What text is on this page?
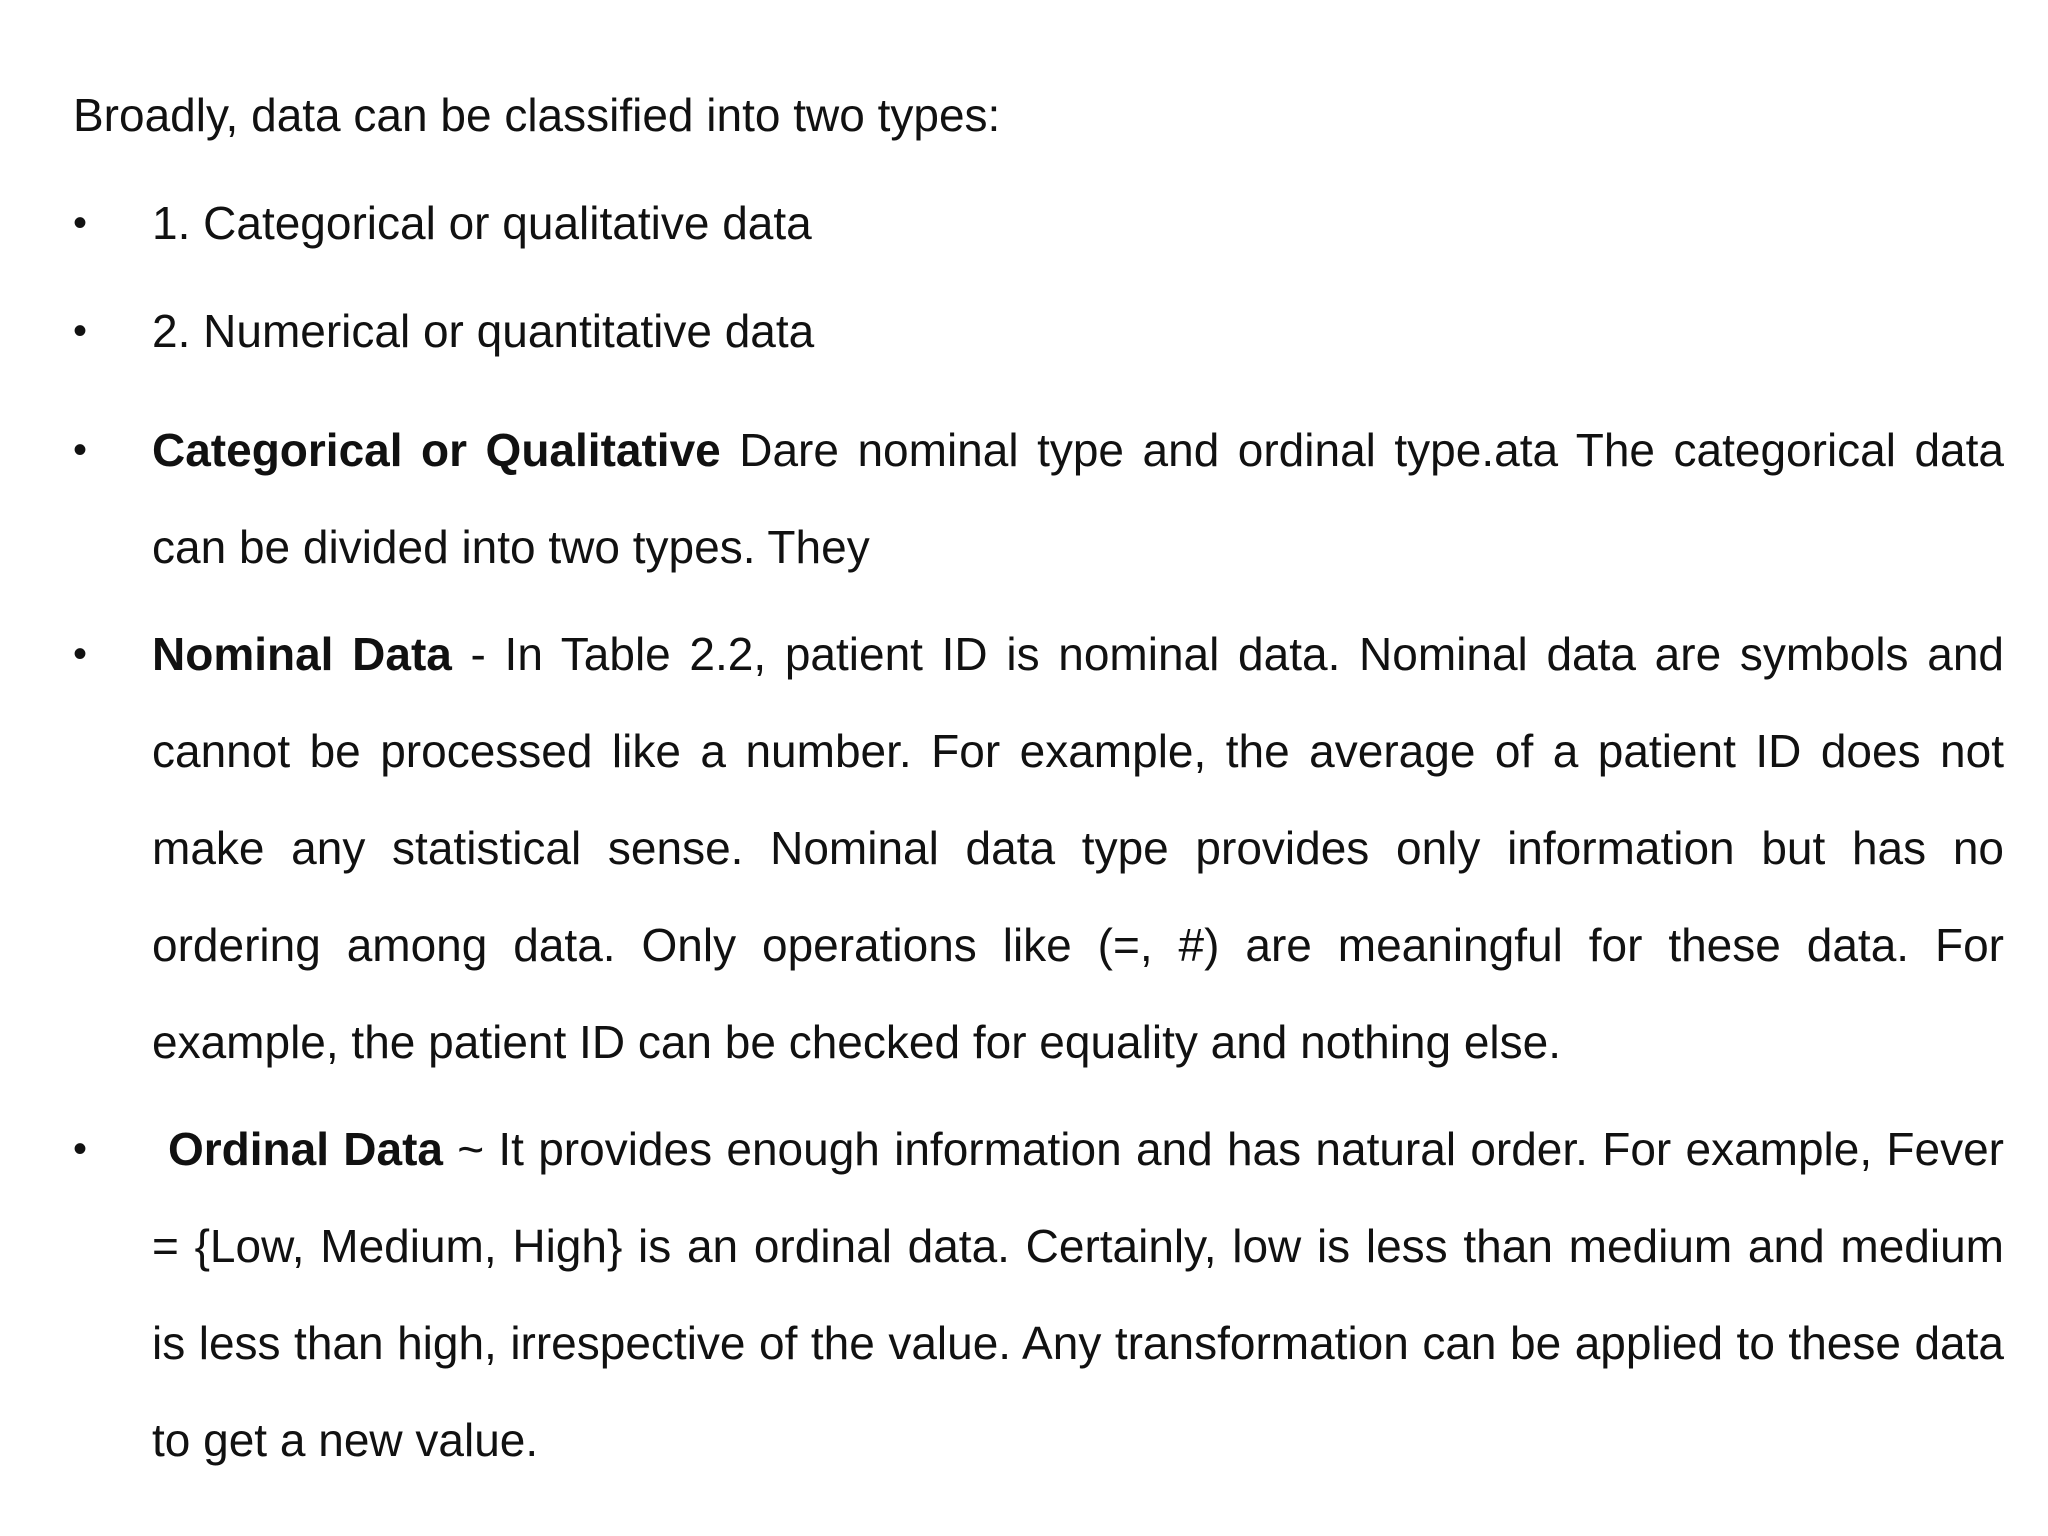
Broadly, data can be classified into two types:

•	1. Categorical or qualitative data
•	2. Numerical or quantitative data
•	Categorical or Qualitative Dare nominal type and ordinal type.ata The categorical data can be divided into two types. They
•	Nominal Data - In Table 2.2, patient ID is nominal data. Nominal data are symbols and cannot be processed like a number. For example, the average of a patient ID does not make any statistical sense. Nominal data type provides only information but has no ordering among data. Only operations like (=, #) are meaningful for these data. For example, the patient ID can be checked for equality and nothing else.
•	Ordinal Data ~ It provides enough information and has natural order. For example, Fever = {Low, Medium, High} is an ordinal data. Certainly, low is less than medium and medium is less than high, irrespective of the value. Any transformation can be applied to these data to get a new value.
